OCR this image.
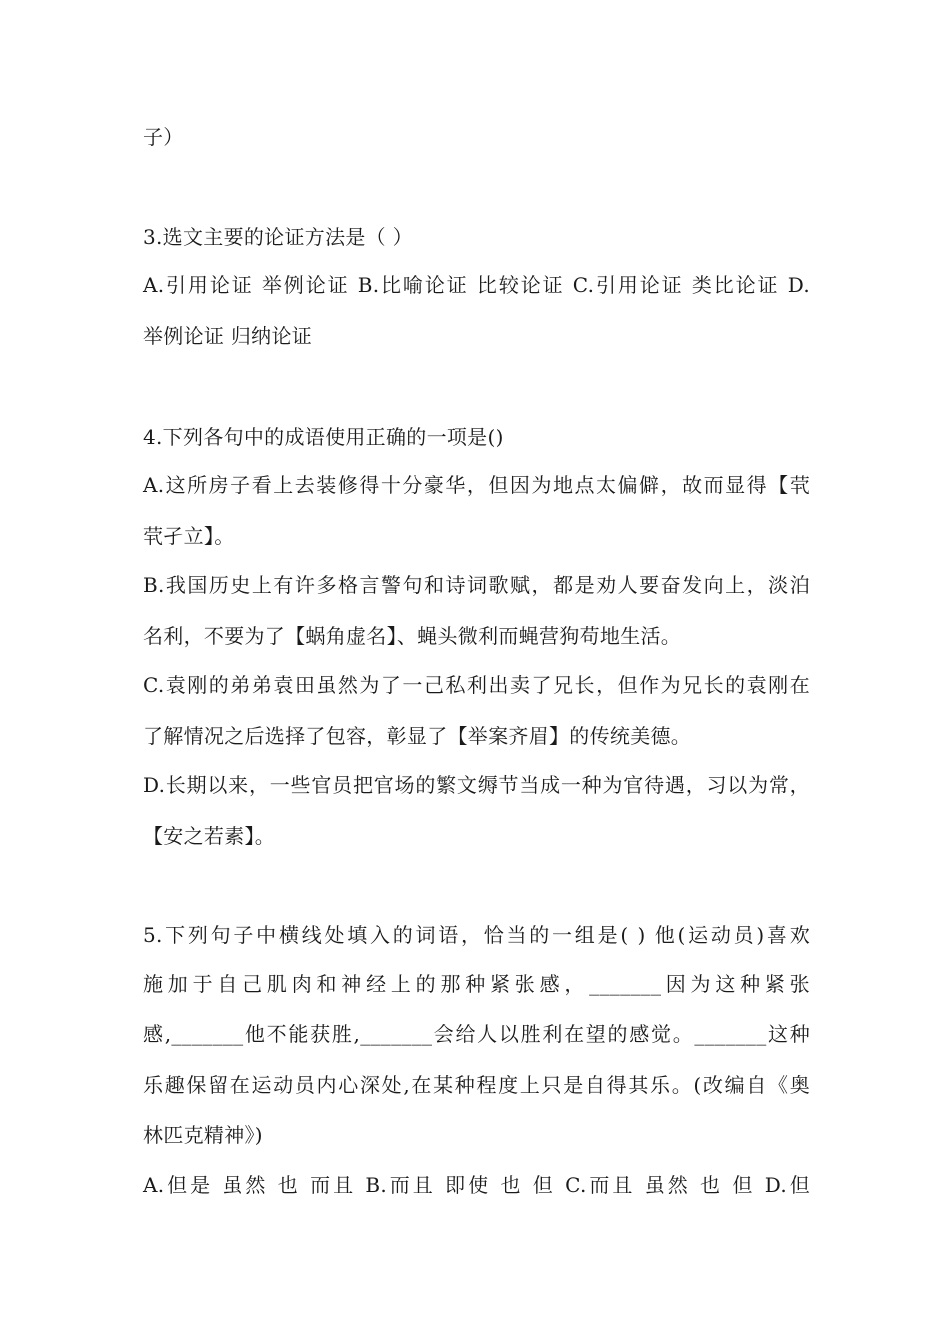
子）
3.选文主要的论证方法是（ ）
A.引用论证 举例论证 B.比喻论证 比较论证 C.引用论证 类比论证 D.
举例论证 归纳论证
4.下列各句中的成语使用正确的一项是()
A.这所房子看上去装修得十分豪华，但因为地点太偏僻，故而显得【茕
茕孑立】。
B.我国历史上有许多格言警句和诗词歌赋，都是劝人要奋发向上，淡泊
名利，不要为了【蜗角虚名】、蝇头微利而蝇营狗苟地生活。
C.袁刚的弟弟袁田虽然为了一己私利出卖了兄长，但作为兄长的袁刚在
了解情况之后选择了包容，彰显了【举案齐眉】的传统美德。
D.长期以来，一些官员把官场的繁文缛节当成一种为官待遇，习以为常，
【安之若素】。
5.下列句子中横线处填入的词语，恰当的一组是( ) 他(运动员)喜欢
施加于自己肌肉和神经上的那种紧张感，_______因为这种紧张
感,_______他不能获胜,_______会给人以胜利在望的感觉。_______这种
乐趣保留在运动员内心深处,在某种程度上只是自得其乐。(改编自《奥
林匹克精神》)
A.但是 虽然 也 而且 B.而且 即使 也 但 C.而且 虽然 也 但 D.但
